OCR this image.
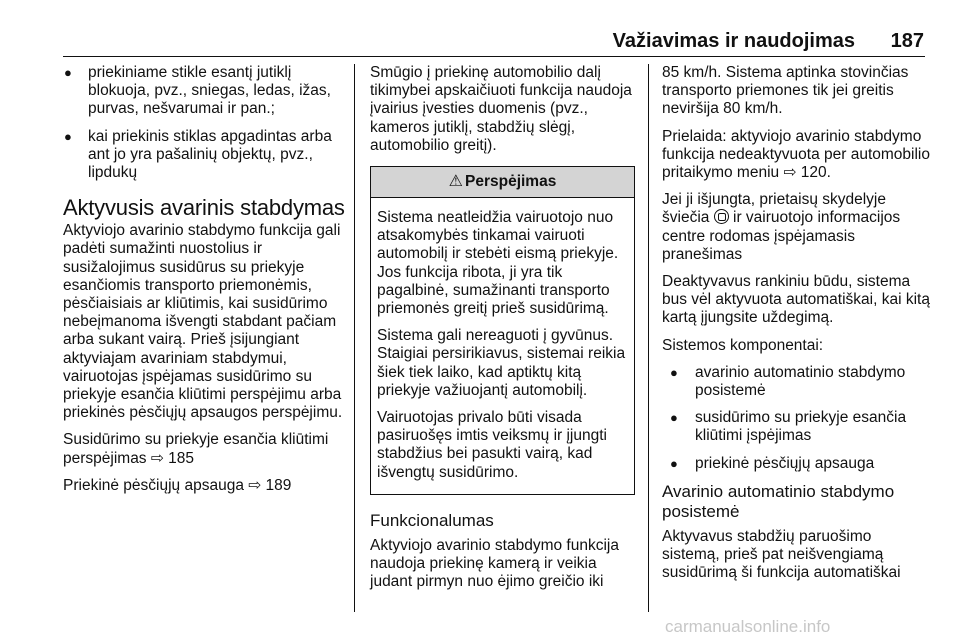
Važiavimas ir naudojimas 187
● priekiniame stikle esantį jutiklį blokuoja, pvz., sniegas, ledas, ižas, purvas, nešvarumai ir pan.;
● kai priekinis stiklas apgadintas arba ant jo yra pašalinių objektų, pvz., lipdukų
Aktyvusis avarinis stabdymas

Aktyviojo avarinio stabdymo funkcija gali padėti sumažinti nuostolius ir susižalojimus susidūrus su priekyje esančiomis transporto priemonėmis, pėsčiaisiais ar kliūtimis, kai susidūrimo nebeįmanoma išvengti stabdant pačiam arba sukant vairą. Prieš įsijungiant aktyviajam avariniam stabdymui, vairuotojas įspėjamas susidūrimo su priekyje esančia kliūtimi perspėjimu arba priekinės pėsčiųjų apsaugos perspėjimu.

Susidūrimo su priekyje esančia kliūtimi perspėjimas ⇨ 185

Priekinė pėsčiųjų apsauga ⇨ 189

Smūgio į priekinę automobilio dalį tikimybei apskaičiuoti funkcija naudoja įvairius įvesties duomenis (pvz., kameros jutiklį, stabdžių slėgį, automobilio greitį).

⚠ Perspėjimas

Sistema neatleidžia vairuotojo nuo atsakomybės tinkamai vairuoti automobilį ir stebėti eismą priekyje. Jos funkcija ribota, ji yra tik pagalbinė, sumažinanti transporto priemonės greitį prieš susidūrimą.

Sistema gali nereaguoti į gyvūnus. Staigiai persirikiavus, sistemai reikia šiek tiek laiko, kad aptiktų kitą priekyje važiuojantį automobilį.

Vairuotojas privalo būti visada pasiruošęs imtis veiksmų ir įjungti stabdžius bei pasukti vairą, kad išvengtų susidūrimo.

Funkcionalumas

Aktyviojo avarinio stabdymo funkcija naudoja priekinę kamerą ir veikia judant pirmyn nuo ėjimo greičio iki

85 km/h. Sistema aptinka stovinčias transporto priemones tik jei greitis neviršija 80 km/h.

Prielaida: aktyviojo avarinio stabdymo funkcija nedeaktyvuota per automobilio pritaikymo meniu ⇨ 120.

Jei ji išjungta, prietaisų skydelyje šviečia ir vairuotojo informacijos centre rodomas įspėjamasis pranešimas

Deaktyvavus rankiniu būdu, sistema bus vėl aktyvuota automatiškai, kai kitą kartą įjungsite uždegimą.

Sistemos komponentai:

● avarinio automatinio stabdymo posistemė
● susidūrimo su priekyje esančia kliūtimi įspėjimas
● priekinė pėsčiųjų apsauga
Avarinio automatinio stabdymo posistemė

Aktyvavus stabdžių paruošimo sistemą, prieš pat neišvengiamą susidūrimą ši funkcija automatiškai

carmanualsonline.info
